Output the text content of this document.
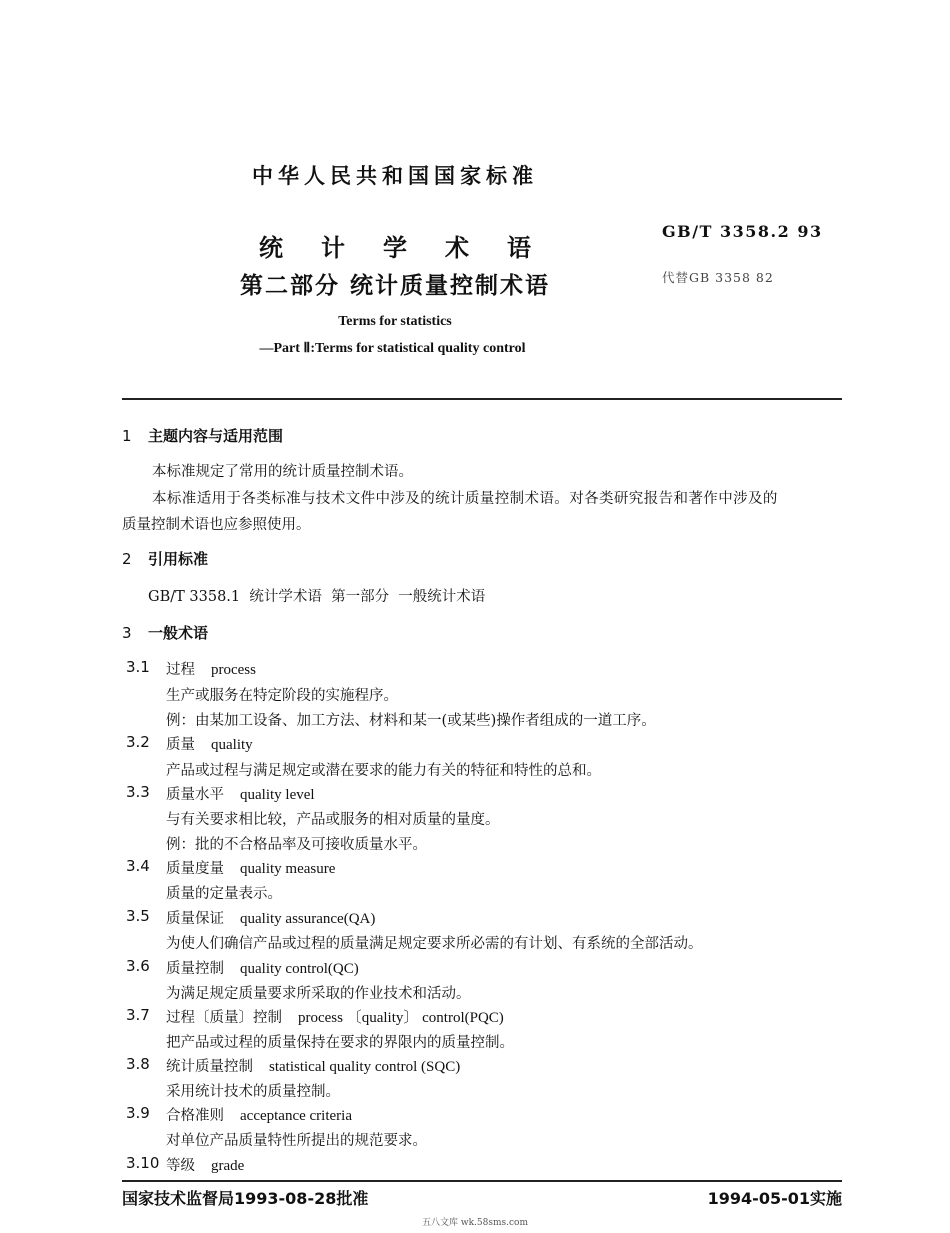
中华人民共和国国家标准
统计学术语
第二部分 统计质量控制术语
GB/T 3358.2 93
代替GB 3358 82
Terms for statistics
—Part Ⅱ:Terms for statistical quality control
1 主题内容与适用范围
本标准规定了常用的统计质量控制术语。
本标准适用于各类标准与技术文件中涉及的统计质量控制术语。对各类研究报告和著作中涉及的
质量控制术语也应参照使用。
2 引用标准
GB/T 3358.1  统计学术语  第一部分  一般统计术语
3 一般术语
3.1 过程 process
生产或服务在特定阶段的实施程序。
例：由某加工设备、加工方法、材料和某一(或某些)操作者组成的一道工序。
3.2 质量 quality
产品或过程与满足规定或潜在要求的能力有关的特征和特性的总和。
3.3 质量水平 quality level
与有关要求相比较，产品或服务的相对质量的量度。
例：批的不合格品率及可接收质量水平。
3.4 质量度量 quality measure
质量的定量表示。
3.5 质量保证 quality assurance(QA)
为使人们确信产品或过程的质量满足规定要求所必需的有计划、有系统的全部活动。
3.6 质量控制 quality control(QC)
为满足规定质量要求所采取的作业技术和活动。
3.7 过程〔质量〕控制 process 〔quality〕 control(PQC)
把产品或过程的质量保持在要求的界限内的质量控制。
3.8 统计质量控制 statistical quality control (SQC)
采用统计技术的质量控制。
3.9 合格准则 acceptance criteria
对单位产品质量特性所提出的规范要求。
3.10 等级 grade
国家技术监督局1993-08-28批准	1994-05-01实施
五八文库 wk.58sms.com
